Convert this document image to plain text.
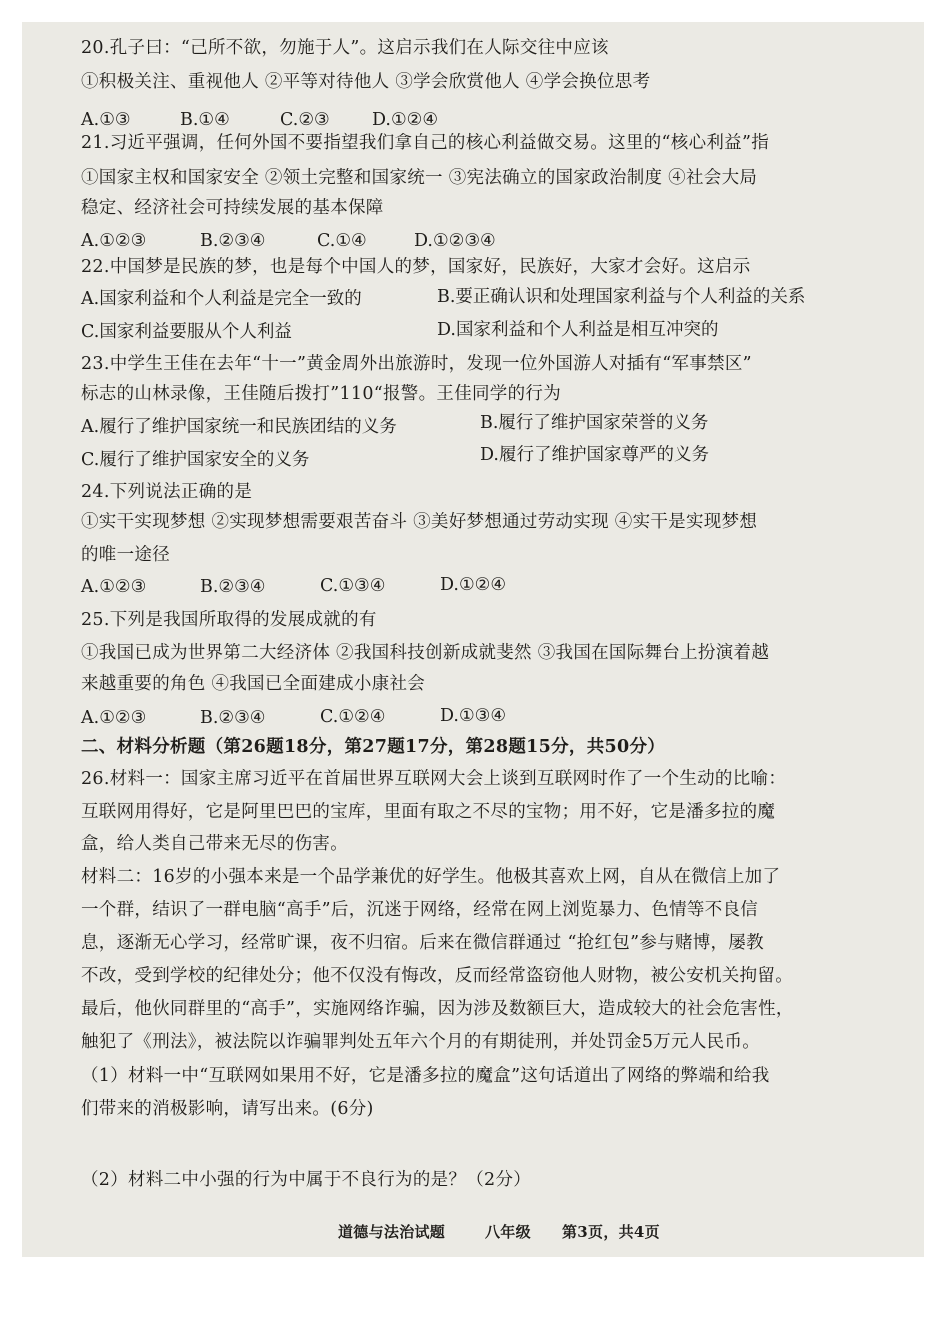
20.孔子曰：“己所不欲，勿施于人”。这启示我们在人际交往中应该
①积极关注、重视他人 ②平等对待他人 ③学会欣赏他人 ④学会换位思考
A.①③	B.①④	C.②③ D.①②④
21.习近平强调，任何外国不要指望我们拿自己的核心利益做交易。这里的“核心利益”指
①国家主权和国家安全 ②领土完整和国家统一 ③宪法确立的国家政治制度 ④社会大局
稳定、经济社会可持续发展的基本保障
A.①②③	B.②③④	C.①④	D.①②③④
22.中国梦是民族的梦，也是每个中国人的梦，国家好，民族好，大家才会好。这启示
A.国家利益和个人利益是完全一致的	B.要正确认识和处理国家利益与个人利益的关系
C.国家利益要服从个人利益	D.国家利益和个人利益是相互冲突的
23.中学生王佳在去年“十一”黄金周外出旅游时，发现一位外国游人对插有“军事禁区”
标志的山林录像，王佳随后拨打”110“报警。王佳同学的行为
A.履行了维护国家统一和民族团结的义务	B.履行了维护国家荣誉的义务
C.履行了维护国家安全的义务	D.履行了维护国家尊严的义务
24.下列说法正确的是
①实干实现梦想 ②实现梦想需要艰苦奋斗 ③美好梦想通过劳动实现 ④实干是实现梦想
的唯一途径
A.①②③	B.②③④	C.①③④	D.①②④
25.下列是我国所取得的发展成就的有
①我国已成为世界第二大经济体 ②我国科技创新成就斐然 ③我国在国际舞台上扮演着越
来越重要的角色 ④我国已全面建成小康社会
A.①②③	B.②③④	C.①②④	D.①③④
二、材料分析题（第26题18分，第27题17分，第28题15分，共50分）
26.材料一：国家主席习近平在首届世界互联网大会上谈到互联网时作了一个生动的比喻：
互联网用得好，它是阿里巴巴的宝库，里面有取之不尽的宝物；用不好，它是潘多拉的魔
盒，给人类自己带来无尽的伤害。
材料二：16岁的小强本来是一个品学兼优的好学生。他极其喜欢上网，自从在微信上加了
一个群，结识了一群电脑“高手”后，沉迷于网络，经常在网上浏览暴力、色情等不良信
息，逐渐无心学习，经常旷课，夜不归宿。后来在微信群通过 “抢红包”参与赌博，屡教
不改，受到学校的纪律处分；他不仅没有悔改，反而经常盗窃他人财物，被公安机关拘留。
最后，他伙同群里的“高手”，实施网络诈骗，因为涉及数额巨大，造成较大的社会危害性，
触犯了《刑法》，被法院以诈骗罪判处五年六个月的有期徒刑，并处罚金5万元人民币。
（1）材料一中“互联网如果用不好，它是潘多拉的魔盒”这句话道出了网络的弊端和给我
们带来的消极影响，请写出来。(6分)
（2）材料二中小强的行为中属于不良行为的是？（2分）
道德与法治试题	八年级 第3页，共4页
